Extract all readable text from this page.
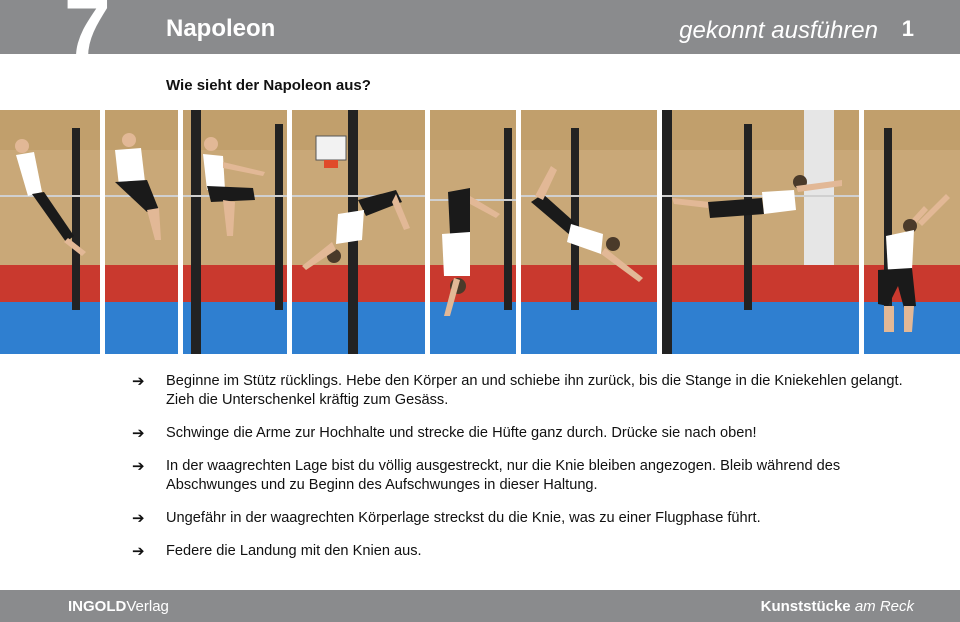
7 Napoleon	gekonnt ausführen 1
Wie sieht der Napoleon aus?
➔ Beginne im Stütz rücklings. Hebe den Körper an und schiebe ihn zurück, bis die Stange in die Kniekehlen gelangt. Zieh die Unterschenkel kräftig zum Gesäss.
➔ Schwinge die Arme zur Hochhalte und strecke die Hüfte ganz durch. Drücke sie nach oben!
➔ In der waagrechten Lage bist du völlig ausgestreckt, nur die Knie bleiben angezogen. Bleib während des Abschwunges und zu Beginn des Aufschwunges in dieser Haltung.
➔ Ungefähr in der waagrechten Körperlage streckst du die Knie, was zu einer Flugphase führt.
➔ Federe die Landung mit den Knien aus.
INGOLDVerlag	Kunststücke am Reck
